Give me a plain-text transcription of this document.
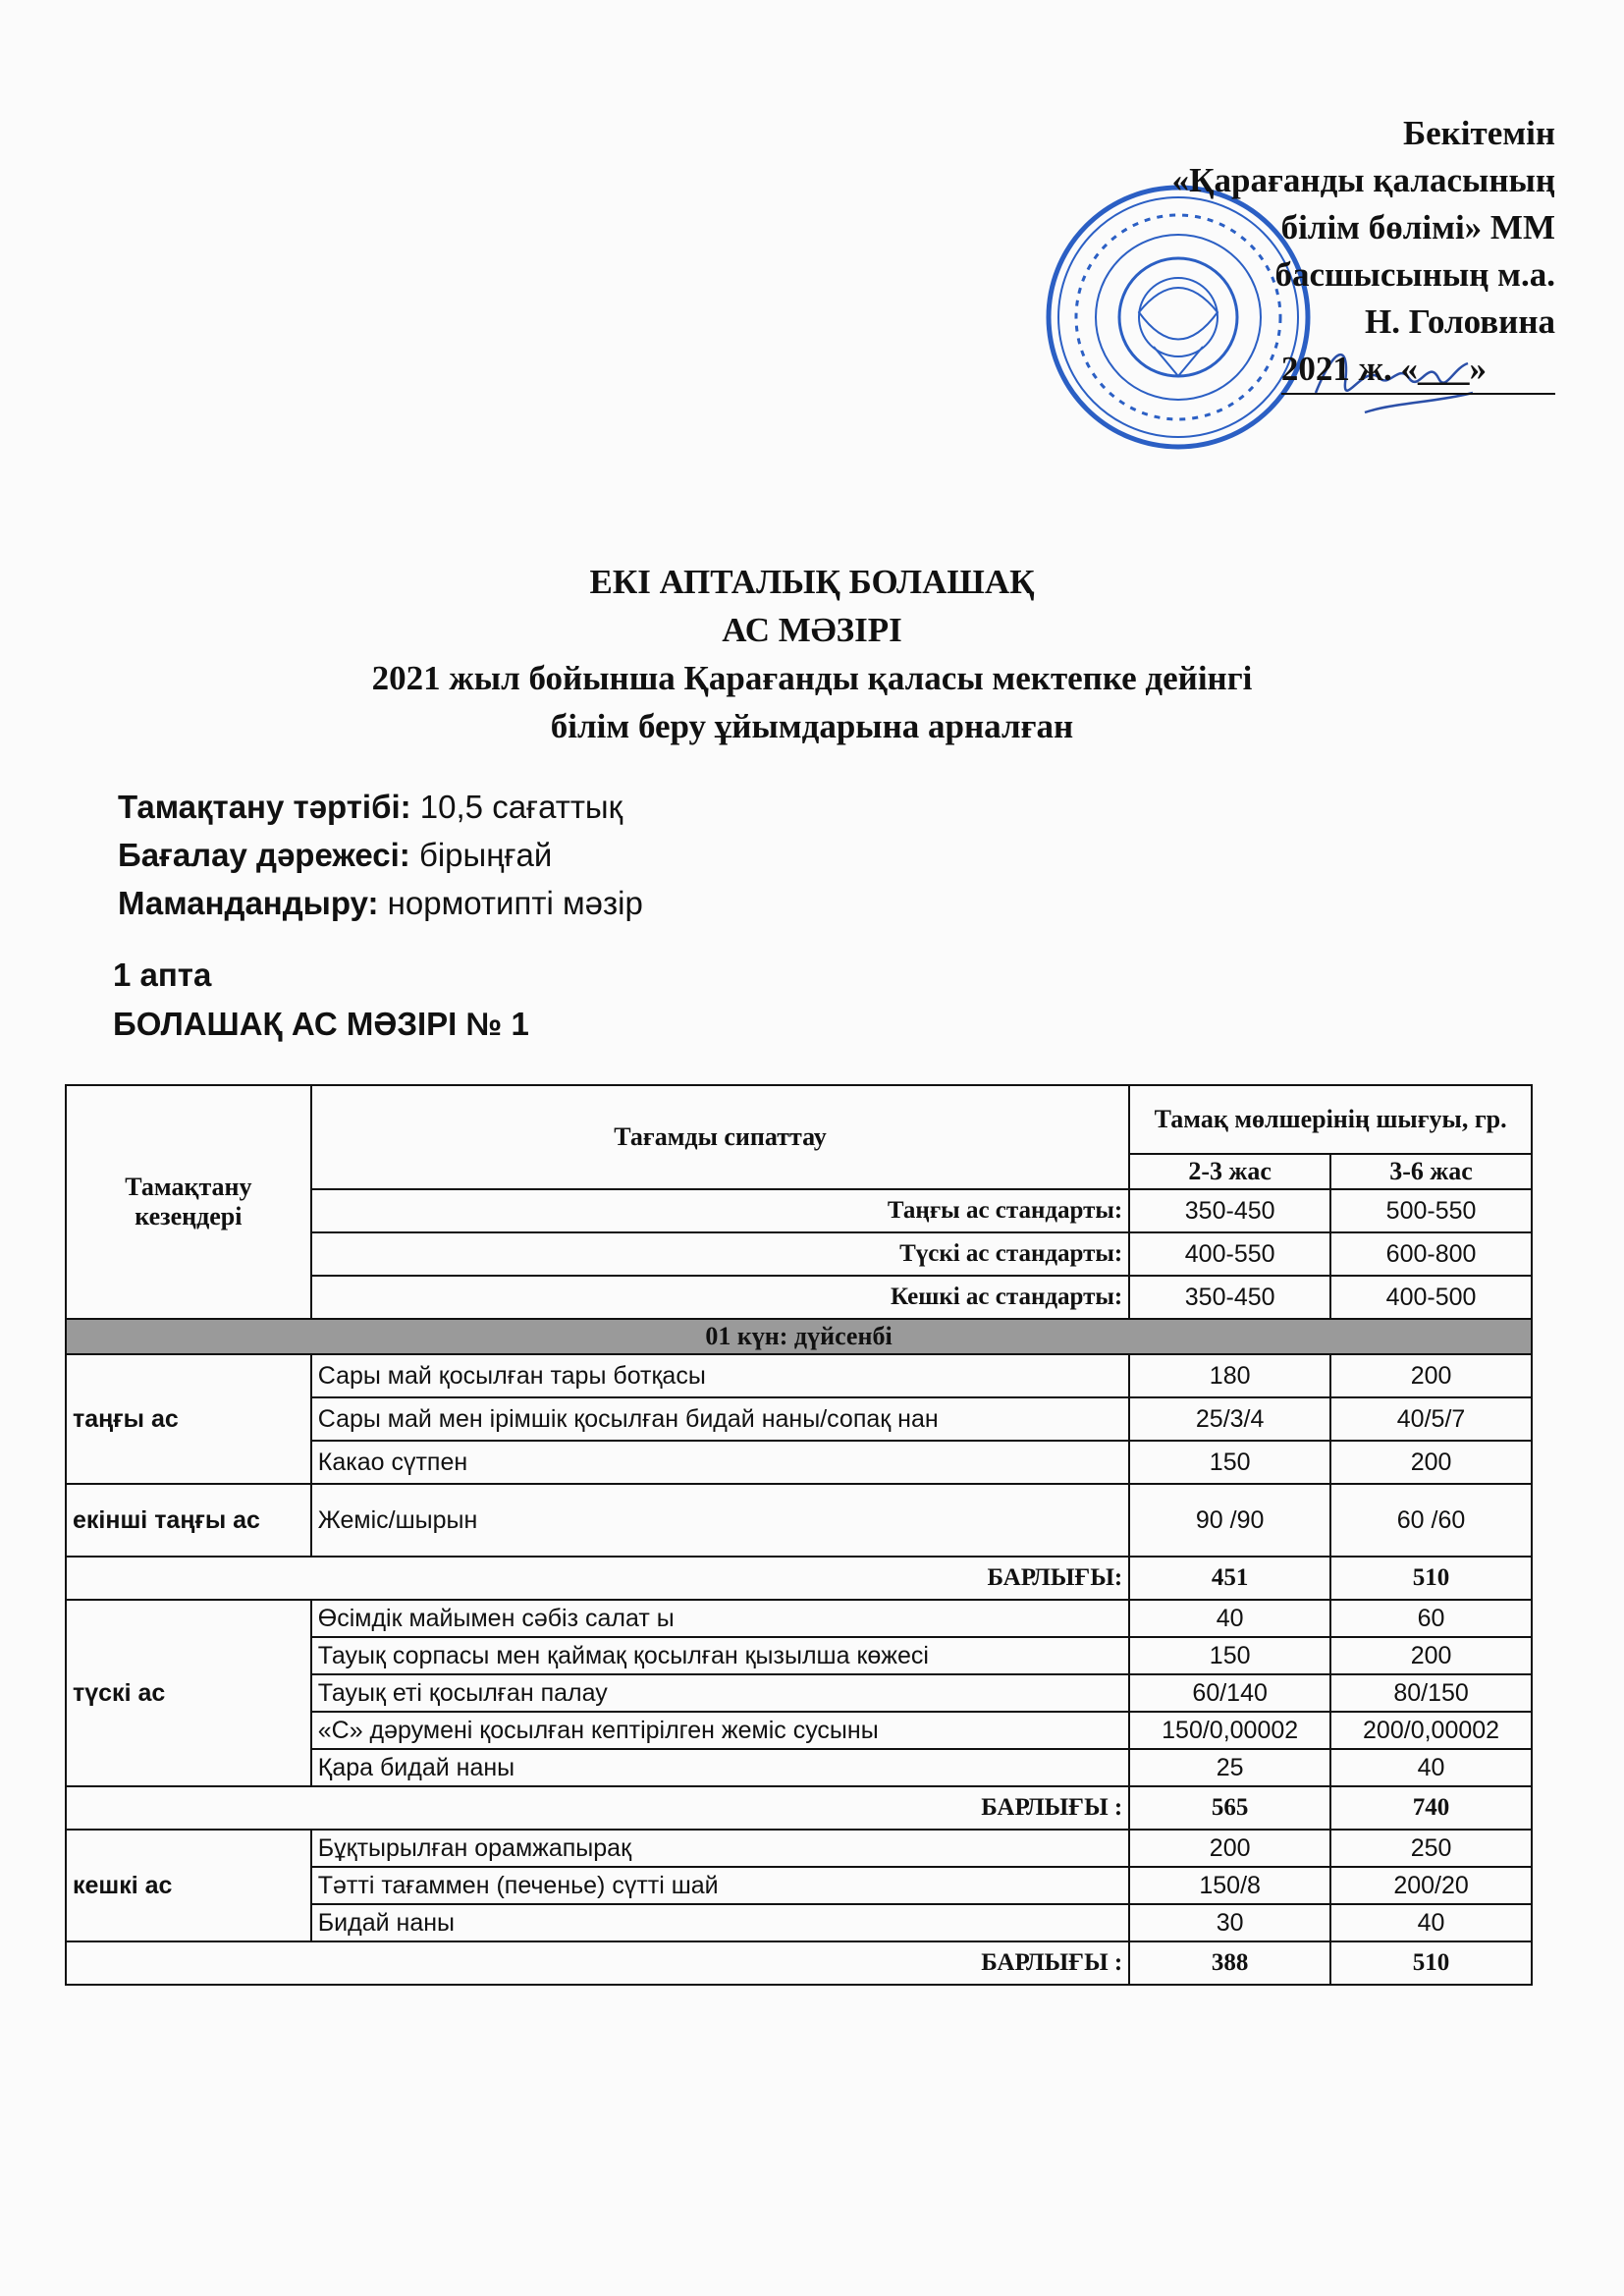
Бекітемін
«Қарағанды қаласының
білім бөлімі» ММ
басшысының м.а.
Н. Головина
2021 ж. «___»
ЕКІ АПТАЛЫҚ БОЛАШАҚ
АС МӘЗІРІ
2021 жыл бойынша Қарағанды қаласы мектепке дейінгі
білім беру ұйымдарына арналған
Тамақтану тәртібі: 10,5 сағаттық
Бағалау дәрежесі: бірыңғай
Мамандандыру: нормотипті мәзір
1 апта
БОЛАШАҚ АС МӘЗІРІ № 1
Тамақтану кезеңдері	Тағамды сипаттау	Тамақ мөлшерінің шығуы, гр.	
		2-3 жас	3-6 жас
	Таңғы ас стандарты:	350-450	500-550
	Түскі ас стандарты:	400-550	600-800
	Кешкі ас стандарты:	350-450	400-500
01 күн: дүйсенбі			
таңғы ас	Сары май қосылған тары ботқасы	180	200
	Сары май мен ірімшік қосылған бидай наны/сопақ нан	25/3/4	40/5/7
	Какао сүтпен	150	200
екінші таңғы ас	Жеміс/шырын	90 /90	60 /60
БАРЛЫҒЫ:		451	510
түскі ас	Өсімдік майымен сәбіз салат ы	40	60
	Тауық сорпасы мен қаймақ қосылған қызылша көжесі	150	200
	Тауық еті қосылған палау	60/140	80/150
	«С» дәрумені қосылған кептірілген жеміс сусыны	150/0,00002	200/0,00002
	Қара бидай наны	25	40
БАРЛЫҒЫ :		565	740
кешкі ас	Бұқтырылған орамжапырақ	200	250
	Тәтті тағаммен (печенье) сүтті шай	150/8	200/20
	Бидай наны	30	40
БАРЛЫҒЫ :		388	510
